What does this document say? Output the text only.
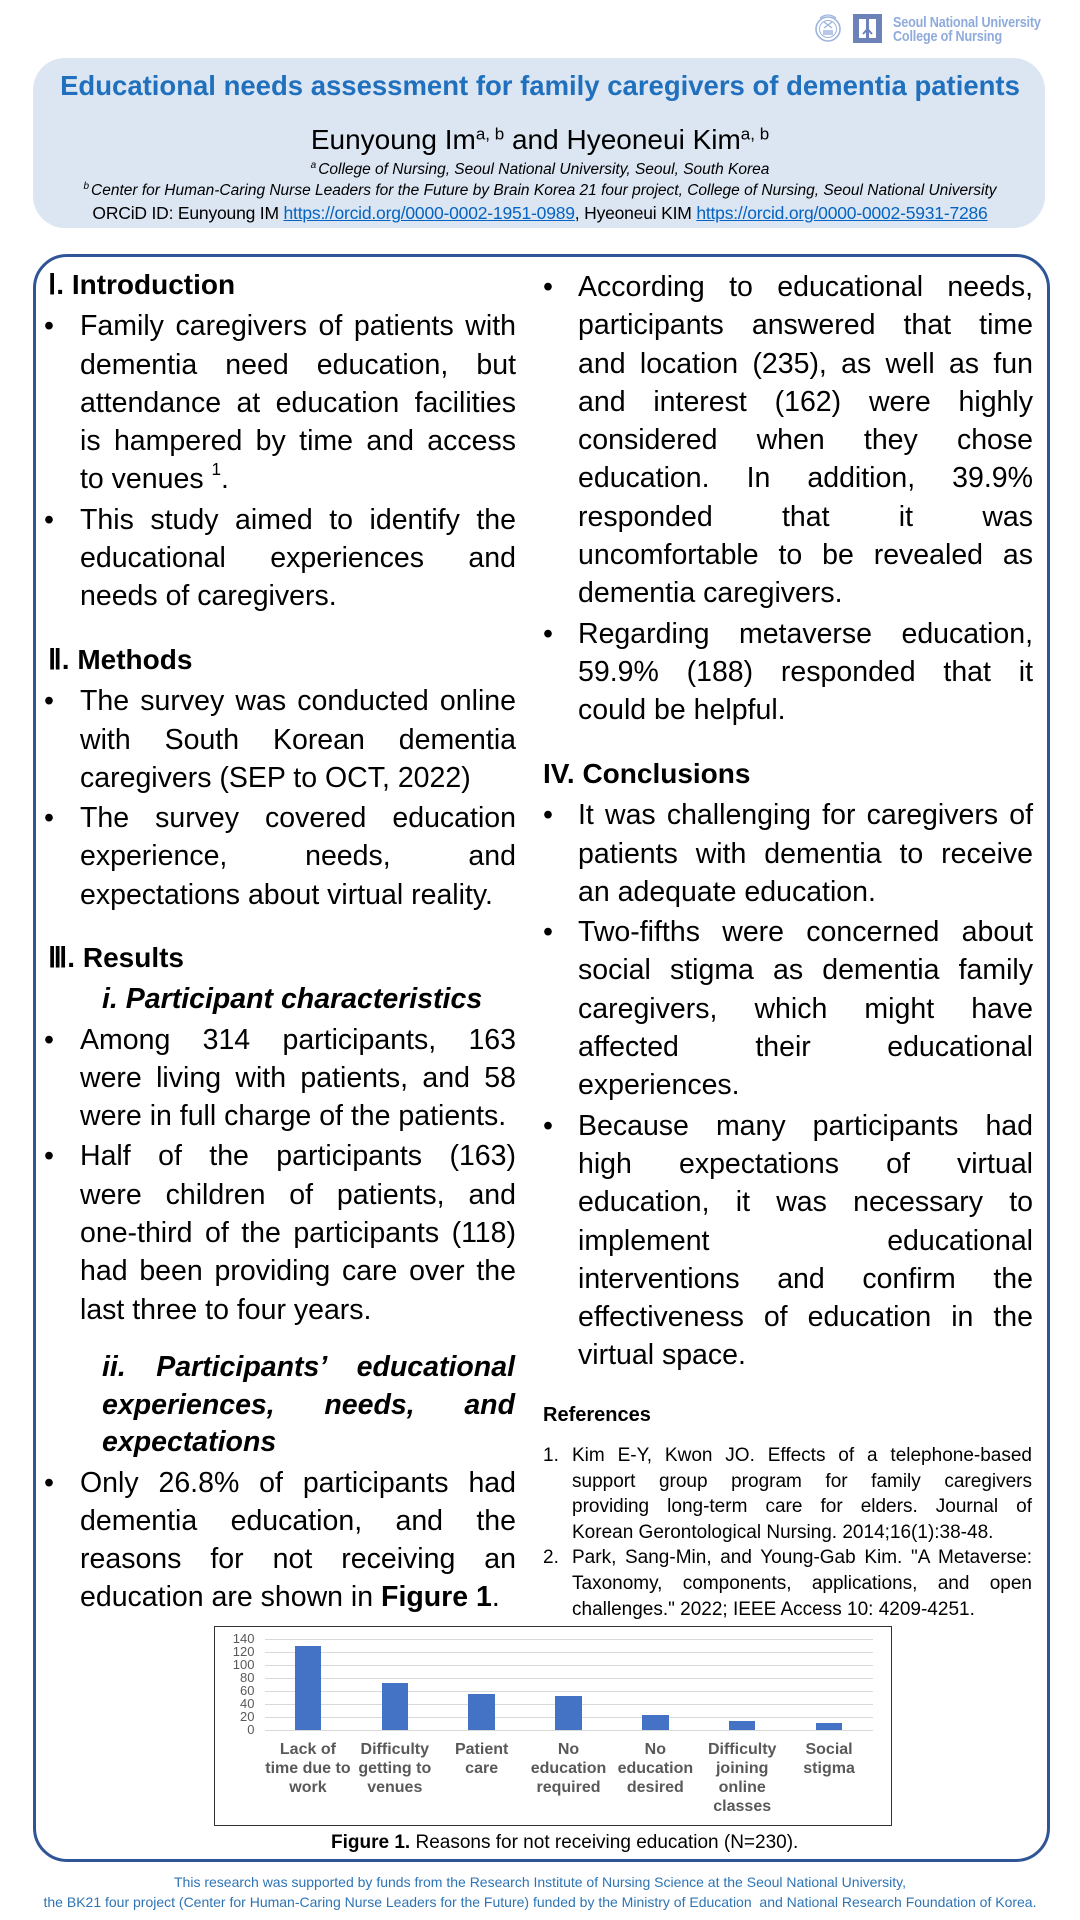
Seoul National University
College of Nursing
Educational needs assessment for family caregivers of dementia patients
Eunyoung Im$^{a, b}$ and Hyeoneui Kim$^{a, b}$
$^a$ College of Nursing, Seoul National University, Seoul, South Korea
$^b$ Center for Human-Caring Nurse Leaders for the Future by Brain Korea 21 four project, College of Nursing, Seoul National University
ORCiD ID: Eunyoung IM https://orcid.org/0000-0002-1951-0989, Hyeoneui KIM https://orcid.org/0000-0002-5931-7286
Ⅰ. Introduction
• Family caregivers of patients with
dementia need education, but
attendance at education facilities
is hampered by time and access
to venues $^1$.
• This study aimed to identify the
educational experiences and
needs of caregivers.
Ⅱ. Methods
• The survey was conducted online
with South Korean dementia
caregivers (SEP to OCT, 2022)
• The survey covered education
experience, needs, and
expectations about virtual reality.
Ⅲ. Results
i. Participant characteristics
• Among 314 participants, 163
were living with patients, and 58
were in full charge of the patients.
• Half of the participants (163)
were children of patients, and
one-third of the participants (118)
had been providing care over the
last three to four years.
ii. Participants’ educational
experiences, needs, and
expectations
• Only 26.8% of participants had
dementia education, and the
reasons for not receiving an
education are shown in Figure 1.
• According to educational needs,
participants answered that time
and location (235), as well as fun
and interest (162) were highly
considered when they chose
education. In addition, 39.9%
responded that it was
uncomfortable to be revealed as
dementia caregivers.
• Regarding metaverse education,
59.9% (188) responded that it
could be helpful.
IV. Conclusions
• It was challenging for caregivers of
patients with dementia to receive
an adequate education.
• Two-fifths were concerned about
social stigma as dementia family
caregivers, which might have
affected their educational
experiences.
• Because many participants had
high expectations of virtual
education, it was necessary to
implement educational
interventions and confirm the
effectiveness of education in the
virtual space.
References
1. Kim E-Y, Kwon JO. Effects of a telephone-based
support group program for family caregivers
providing long-term care for elders. Journal of
Korean Gerontological Nursing. 2014;16(1):38-48.
2. Park, Sang-Min, and Young-Gab Kim. "A Metaverse:
Taxonomy, components, applications, and open
challenges." 2022; IEEE Access 10: 4209-4251.
0
20
40
60
80
100
120
140
Lack of time due to work
Difficulty getting to venues
Patient care
No education required
No education desired
Difficulty joining online classes
Social stigma
Figure 1. Reasons for not receiving education (N=230).
This research was supported by funds from the Research Institute of Nursing Science at the Seoul National University,
the BK21 four project (Center for Human-Caring Nurse Leaders for the Future) funded by the Ministry of Education  and National Research Foundation of Korea.
